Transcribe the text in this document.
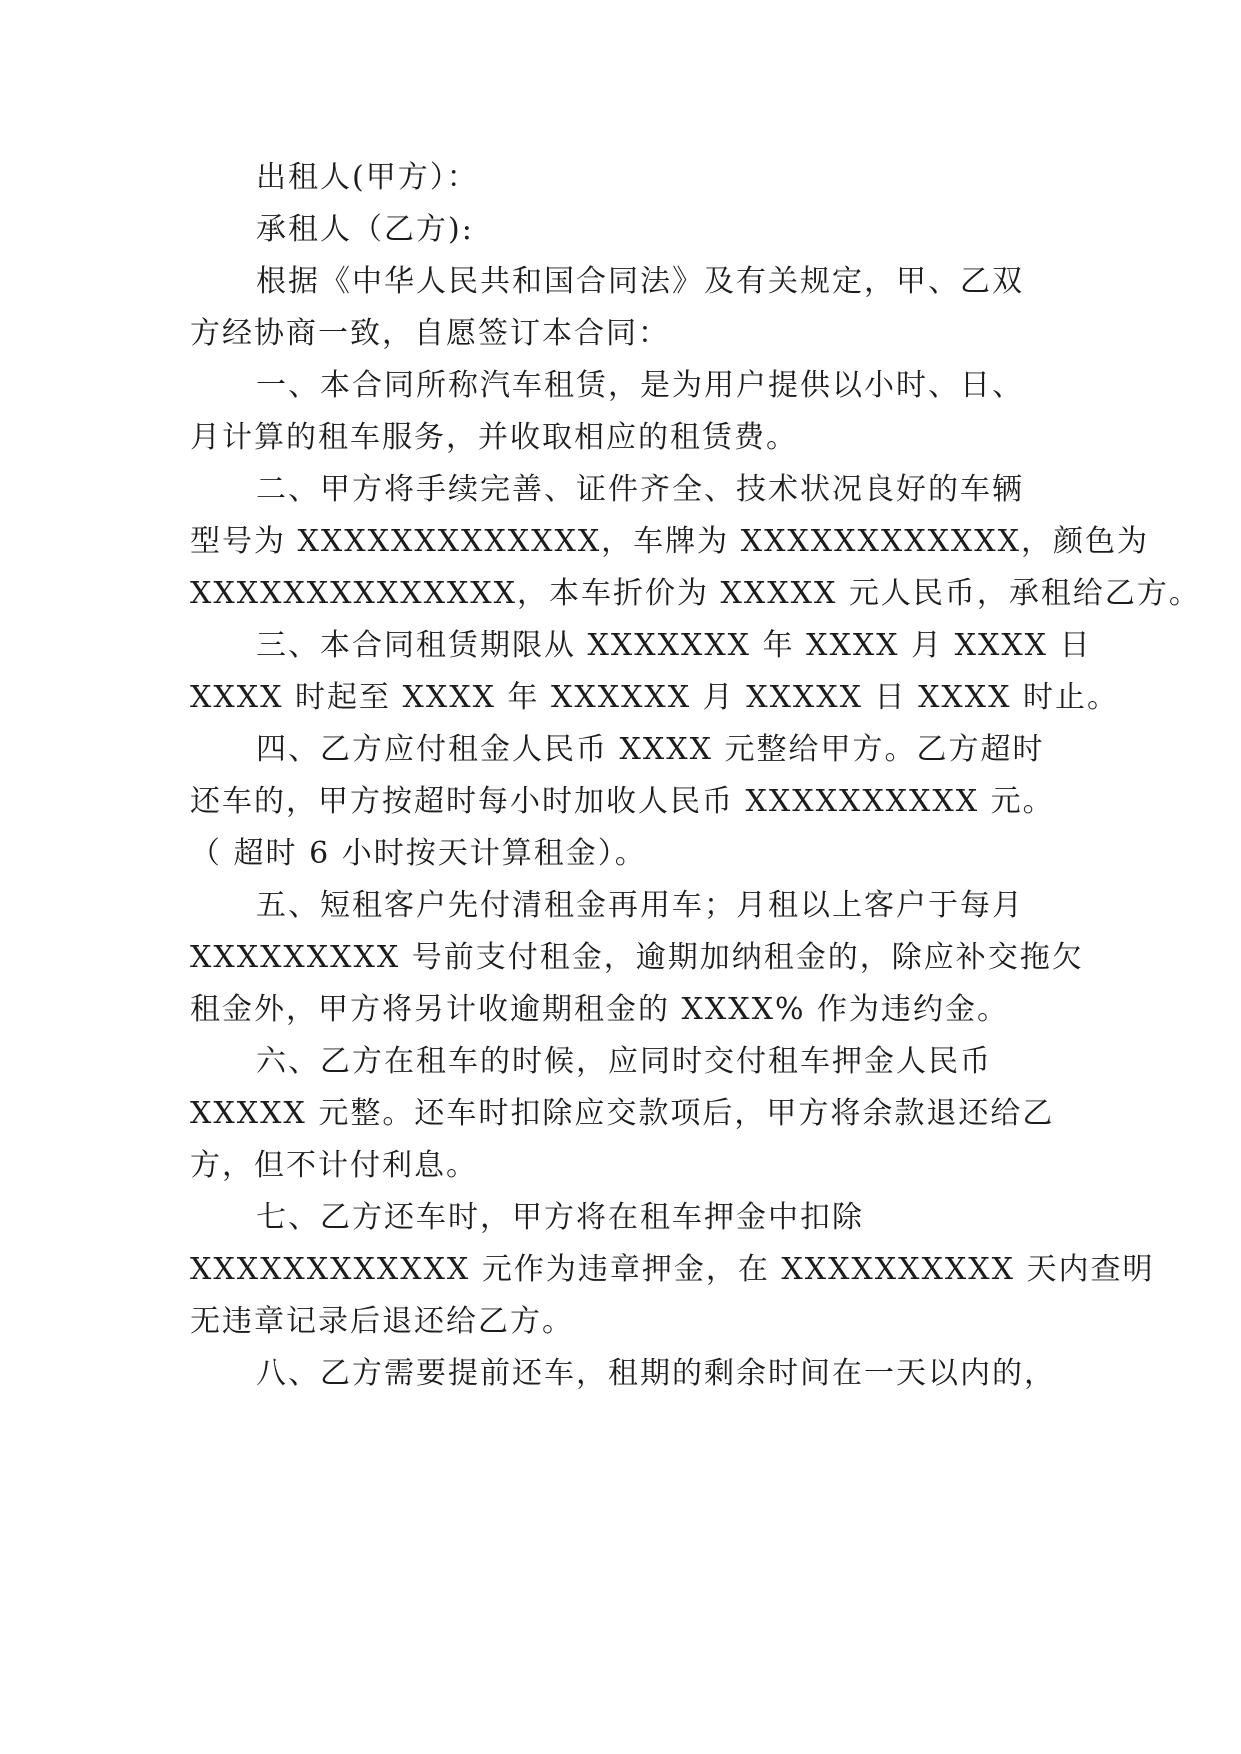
出租人(甲方）：
承租人（乙方):
根据《中华人民共和国合同法》及有关规定，甲、乙双
方经协商一致，自愿签订本合同：
一、本合同所称汽车租赁，是为用户提供以小时、日、
月计算的租车服务，并收取相应的租赁费。
二、甲方将手续完善、证件齐全、技术状况良好的车辆
型号为 XXXXXXXXXXXXX，车牌为 XXXXXXXXXXXX，颜色为
XXXXXXXXXXXXXX，本车折价为 XXXXX 元人民币，承租给乙方。
三、本合同租赁期限从 XXXXXXX 年 XXXX 月 XXXX 日
XXXX 时起至 XXXX 年 XXXXXX 月 XXXXX 日 XXXX 时止。
四、乙方应付租金人民币 XXXX 元整给甲方。乙方超时
还车的，甲方按超时每小时加收人民币 XXXXXXXXXX 元。
（ 超时 6 小时按天计算租金）。
五、短租客户先付清租金再用车；月租以上客户于每月
XXXXXXXXX 号前支付租金，逾期加纳租金的，除应补交拖欠
租金外，甲方将另计收逾期租金的 XXXX% 作为违约金。
六、乙方在租车的时候，应同时交付租车押金人民币
XXXXX 元整。还车时扣除应交款项后，甲方将余款退还给乙
方，但不计付利息。
七、乙方还车时，甲方将在租车押金中扣除
XXXXXXXXXXXX 元作为违章押金，在 XXXXXXXXXX 天内查明
无违章记录后退还给乙方。
八、乙方需要提前还车，租期的剩余时间在一天以内的，
